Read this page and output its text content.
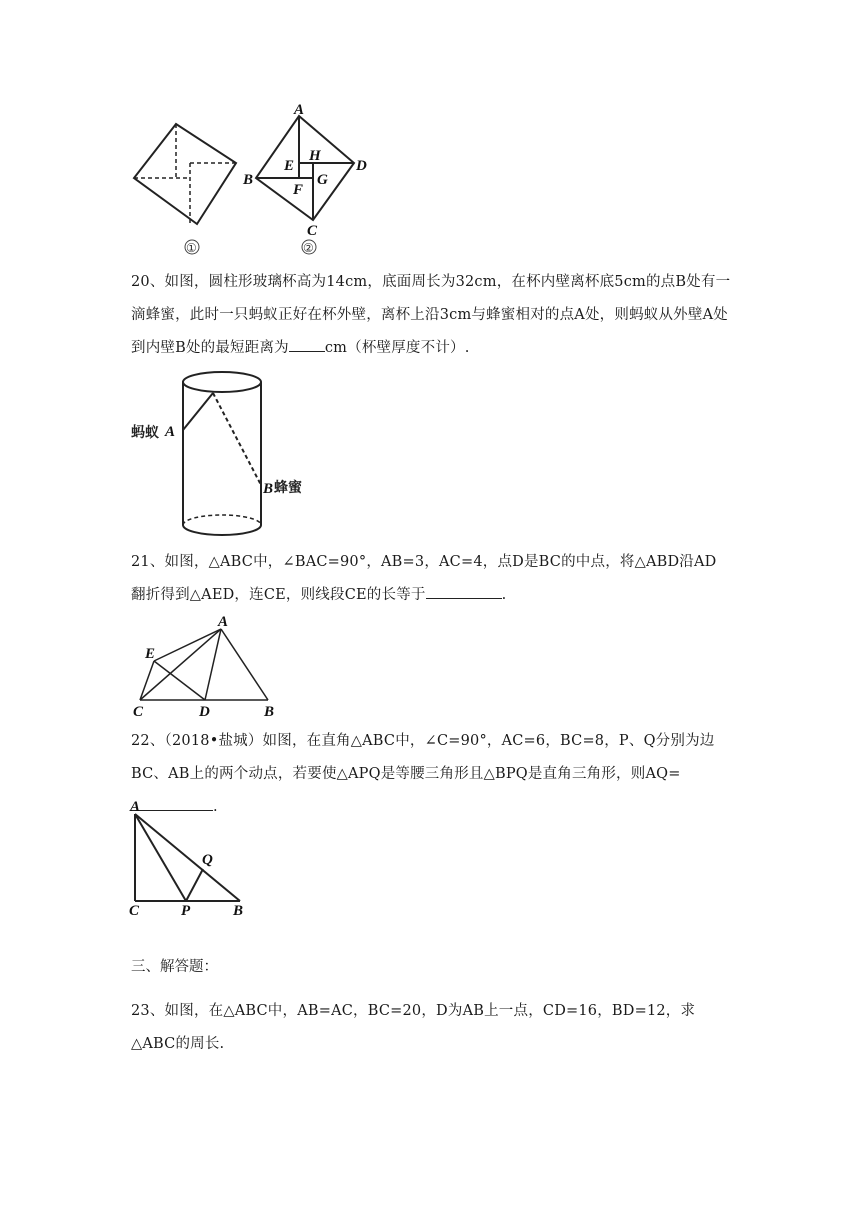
A
B
C
D
E
H
F
G
①	②
20、如图，圆柱形玻璃杯高为14cm，底面周长为32cm，在杯内壁离杯底5cm的点B处有一滴蜂蜜，此时一只蚂蚁正好在杯外壁，离杯上沿3cm与蜂蜜相对的点A处，则蚂蚁从外壁A处到内壁B处的最短距离为 cm（杯壁厚度不计）.
蚂蚁 A
B 蜂蜜
21、如图，△ABC中，∠BAC=90°，AB=3，AC=4，点D是BC的中点，将△ABD沿AD翻折得到△AED，连CE，则线段CE的长等于	.
A
E
C	D	B
22、（2018•盐城）如图，在直角△ABC中，∠C=90°，AC=6，BC=8，P、Q分别为边BC、AB上的两个动点，若要使△APQ是等腰三角形且△BPQ是直角三角形，则AQ=.
A
Q
C	P	B
三、解答题：
23、如图，在△ABC中，AB=AC，BC=20，D为AB上一点，CD=16，BD=12，求△ABC的周长.
